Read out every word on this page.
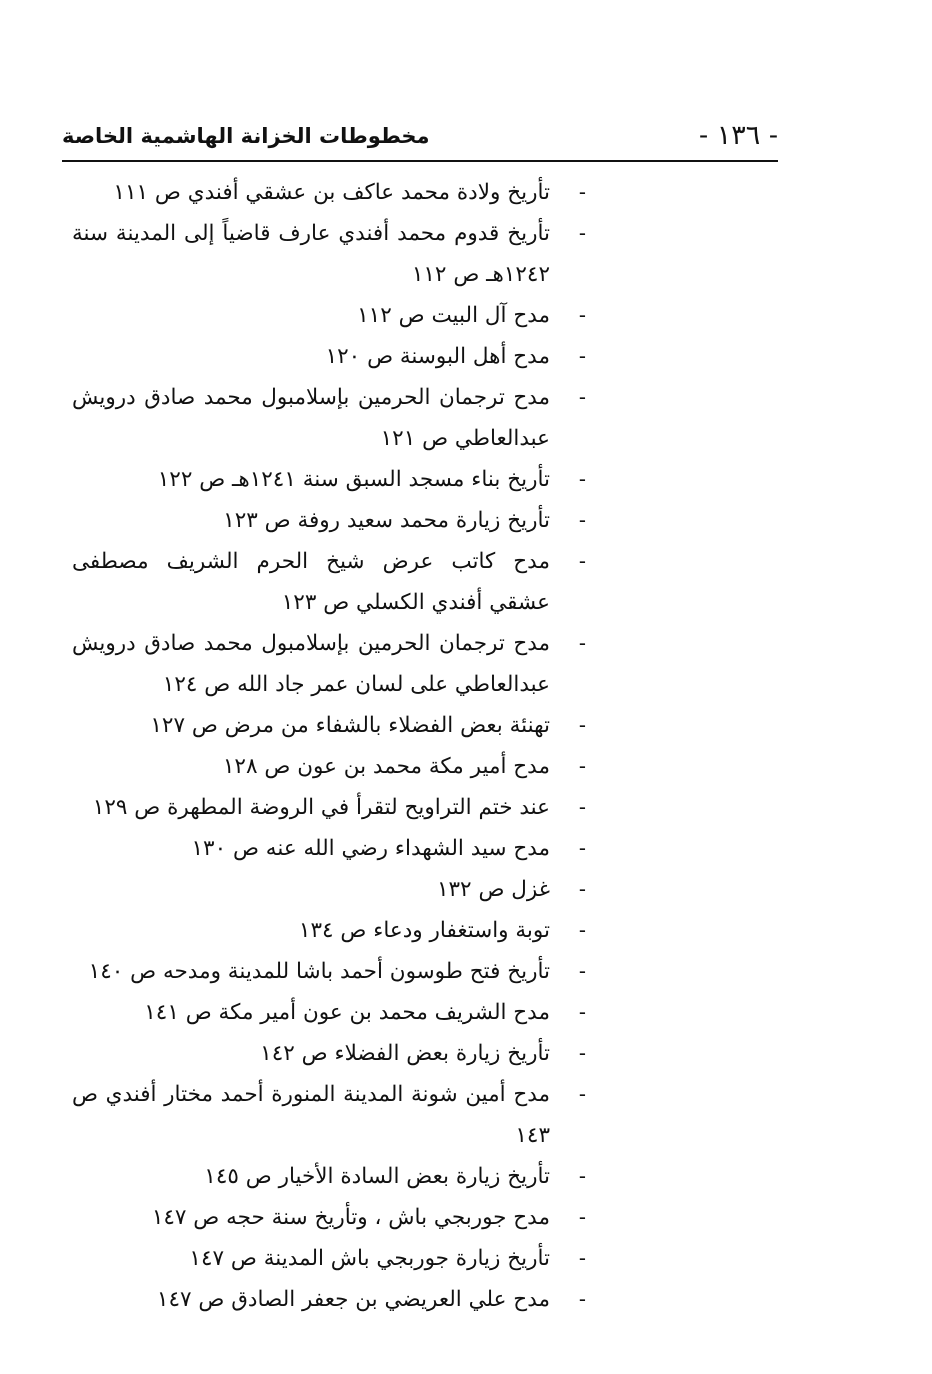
مخطوطات الخزانة الهاشمية الخاصة	- ١٣٦ -
-
تأريخ ولادة محمد عاكف بن عشقي أفندي ص ١١١
-
تأريخ قدوم محمد أفندي عارف قاضياً إلى المدينة سنة ١٢٤٢هـ ص ١١٢
-
مدح آل البيت ص ١١٢
-
مدح أهل البوسنة ص ١٢٠
-
مدح ترجمان الحرمين بإسلامبول محمد صادق درويش عبدالعاطي ص ١٢١
-
تأريخ بناء مسجد السبق سنة ١٢٤١هـ ص ١٢٢
-
تأريخ زيارة محمد سعيد روفة ص ١٢٣
-
مدح كاتب عرض شيخ الحرم الشريف مصطفى عشقي أفندي الكسلي ص ١٢٣
-
مدح ترجمان الحرمين بإسلامبول محمد صادق درويش عبدالعاطي على لسان عمر جاد الله ص ١٢٤
-
تهنئة بعض الفضلاء بالشفاء من مرض ص ١٢٧
-
مدح أمير مكة محمد بن عون ص ١٢٨
-
عند ختم التراويح لتقرأ في الروضة المطهرة ص ١٢٩
-
مدح سيد الشهداء رضي الله عنه ص ١٣٠
-
غزل ص ١٣٢
-
توبة واستغفار ودعاء ص ١٣٤
-
تأريخ فتح طوسون أحمد باشا للمدينة ومدحه ص ١٤٠
-
مدح الشريف محمد بن عون أمير مكة ص ١٤١
-
تأريخ زيارة بعض الفضلاء ص ١٤٢
-
مدح أمين شونة المدينة المنورة أحمد مختار أفندي ص ١٤٣
-
تأريخ زيارة بعض السادة الأخيار ص ١٤٥
-
مدح جوربجي باش ، وتأريخ سنة حجه ص ١٤٧
-
تأريخ زيارة جوربجي باش المدينة ص ١٤٧
-
مدح علي العريضي بن جعفر الصادق ص ١٤٧
